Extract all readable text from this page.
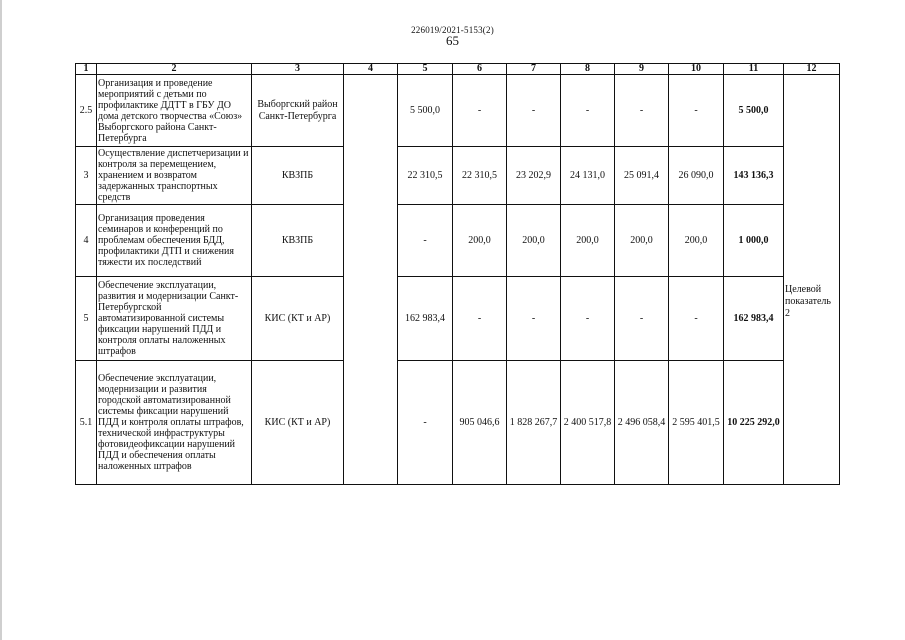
226019/2021-5153(2)
65
1	2	3	4	5	6	7	8	9	10	11	12
2.5	Организация и проведение мероприятий с детьми по профилактике ДДТТ в ГБУ ДО дома детского творчества «Союз» Выборгского района Санкт-Петербурга	Выборгский район Санкт-Петербурга		5 500,0	-	-	-	-	-	5 500,0	Целевой показатель 2

3	Осуществление диспетчеризации и контроля за перемещением, хранением и возвратом задержанных транспортных средств	КВЗПБ		22 310,5	22 310,5	23 202,9	24 131,0	25 091,4	26 090,0	143 136,3	
4	Организация проведения семинаров и конференций по проблемам обеспечения БДД, профилактики ДТП и снижения тяжести их последствий	КВЗПБ		-	200,0	200,0	200,0	200,0	200,0	1 000,0	
5	Обеспечение эксплуатации, развития и модернизации Санкт-Петербургской автоматизированной системы фиксации нарушений ПДД и контроля оплаты наложенных штрафов	КИС (КТ и АР)		162 983,4	-	-	-	-	-	162 983,4	
5.1	Обеспечение эксплуатации, модернизации и развития городской автоматизированной системы фиксации нарушений ПДД и контроля оплаты штрафов, технической инфраструктуры фотовидеофиксации нарушений ПДД и обеспечения оплаты наложенных штрафов	КИС (КТ и АР)		-	905 046,6	1 828 267,7	2 400 517,8	2 496 058,4	2 595 401,5	10 225 292,0	
